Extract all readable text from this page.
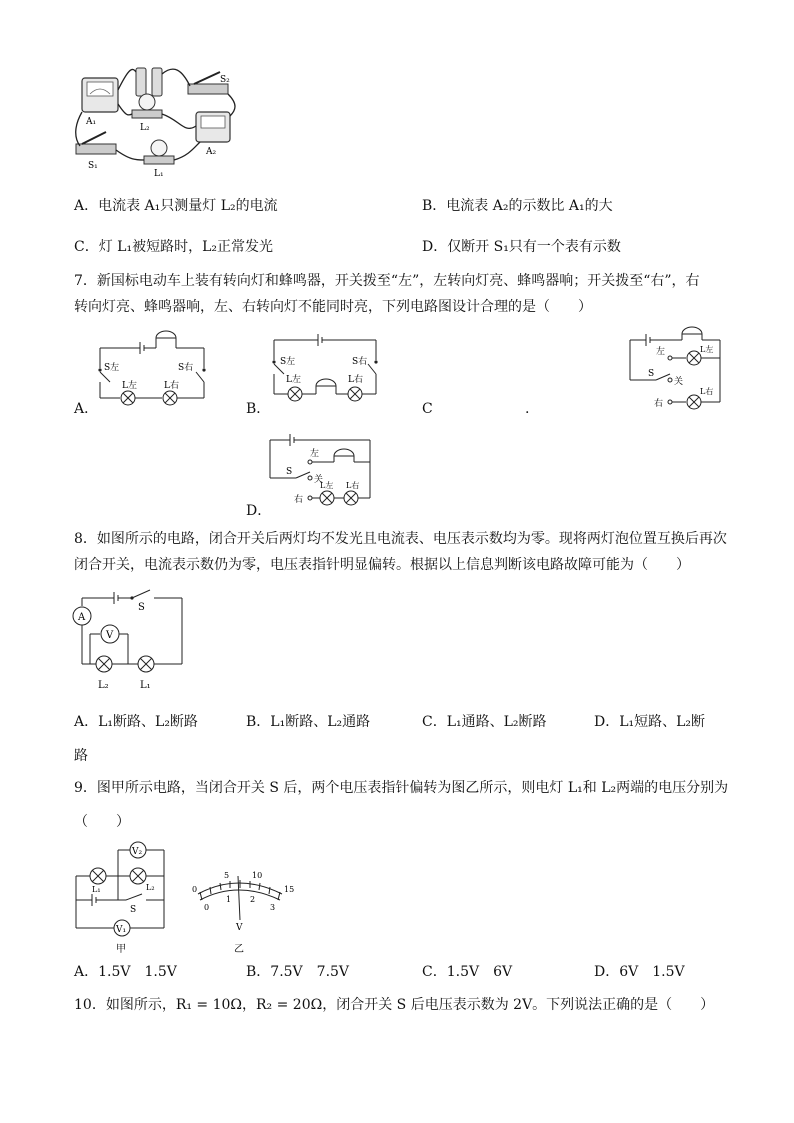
A₁
L₂
S₂
A₂
S₁
L₁
A．电流表 A₁只测量灯 L₂的电流	B．电流表 A₂的示数比 A₁的大
C．灯 L₁被短路时，L₂正常发光	D．仅断开 S₁只有一个表有示数
7．新国标电动车上装有转向灯和蜂鸣器，开关拨至“左”，左转向灯亮、蜂鸣器响；开关拨至“右”，右
转向灯亮、蜂鸣器响，左、右转向灯不能同时亮，下列电路图设计合理的是（　　）
A．
S左	S右
L左	L右
B．
S左	S右
L左	L右
C	.
左
S
关
右
L左
L右
D．
左
S
关
右
L左 L右
8．如图所示的电路，闭合开关后两灯均不发光且电流表、电压表示数均为零。现将两灯泡位置互换后再次
闭合开关，电流表示数仍为零，电压表指针明显偏转。根据以上信息判断该电路故障可能为（　　）
A
V
S
L₂	L₁
A．L₁断路、L₂断路	B．L₁断路、L₂通路	C．L₁通路、L₂断路	D．L₁短路、L₂断
路
9．图甲所示电路，当闭合开关 S 后，两个电压表指针偏转为图乙所示，则电灯 L₁和 L₂两端的电压分别为
（　　）
V₂
L₁	L₂
S
V₁
甲
0
5	10
15
0
1 2
3
V
乙
A．1.5V　1.5V	B．7.5V　7.5V	C．1.5V　6V	D．6V　1.5V
10．如图所示，R₁ = 10Ω，R₂ = 20Ω，闭合开关 S 后电压表示数为 2V。下列说法正确的是（　　）
